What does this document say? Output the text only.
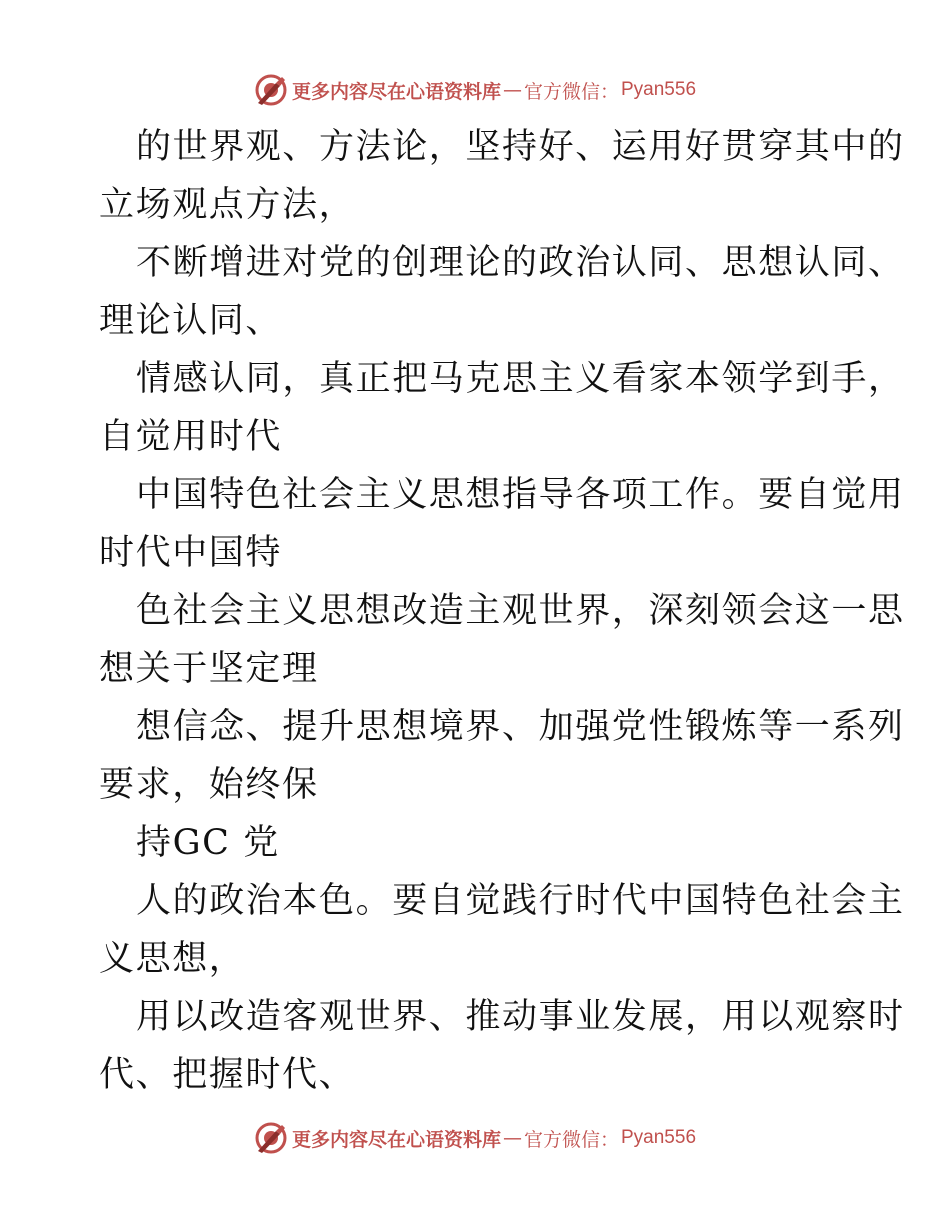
更多内容尽在心语资料库 — 官方微信： Pyan556
的世界观、方法论，坚持好、运用好贯穿其中的
立场观点方法，
不断增进对党的创理论的政治认同、思想认同、
理论认同、
情感认同，真正把马克思主义看家本领学到手，
自觉用时代
中国特色社会主义思想指导各项工作。要自觉用
时代中国特
色社会主义思想改造主观世界，深刻领会这一思
想关于坚定理
想信念、提升思想境界、加强党性锻炼等一系列
要求，始终保
持GC 党
人的政治本色。要自觉践行时代中国特色社会主
义思想，
用以改造客观世界、推动事业发展，用以观察时
代、把握时代、
更多内容尽在心语资料库 — 官方微信： Pyan556
